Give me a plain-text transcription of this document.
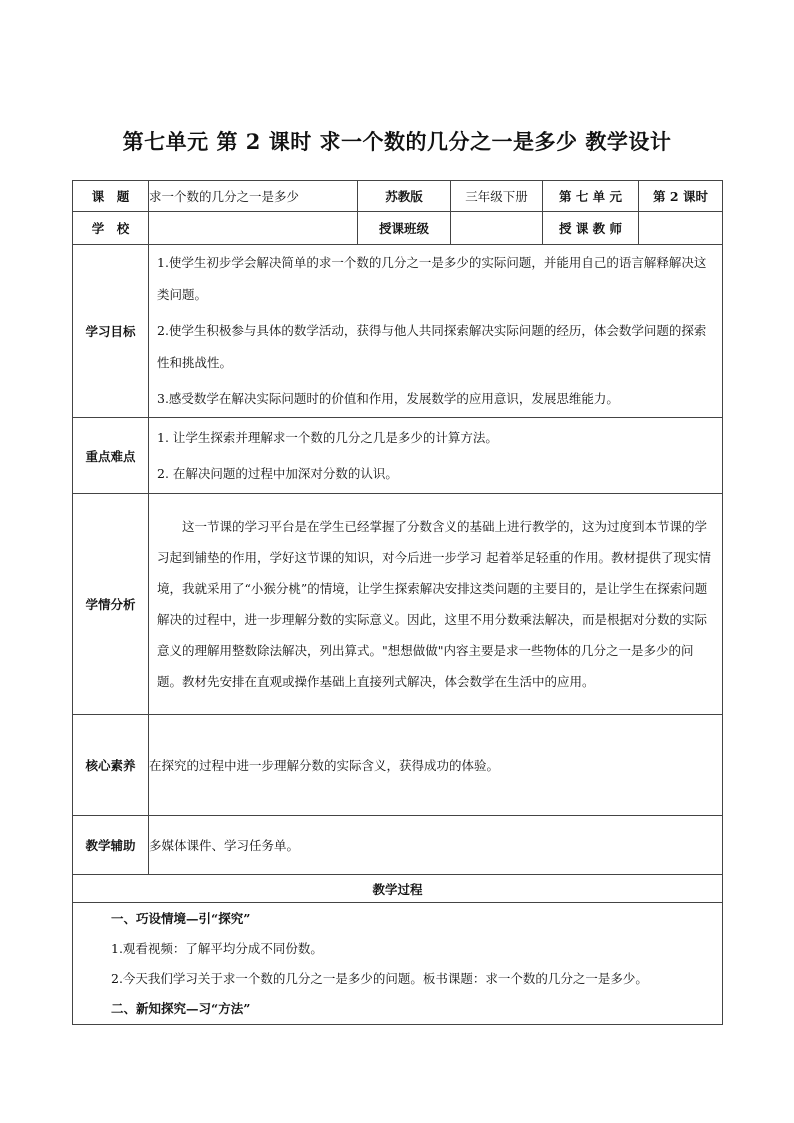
第七单元 第 2 课时 求一个数的几分之一是多少 教学设计
课　题	求一个数的几分之一是多少	苏教版	三年级下册	第 七 单 元	第 2 课时
学　校		授课班级		授 课 教 师	
学习目标	1.使学生初步学会解决简单的求一个数的几分之一是多少的实际问题，并能用自己的语言解释解决这类问题。
2.使学生积极参与具体的数学活动，获得与他人共同探索解决实际问题的经历，体会数学问题的探索性和挑战性。
3.感受数学在解决实际问题时的价值和作用，发展数学的应用意识，发展思维能力。				

重点难点	1. 让学生探索并理解求一个数的几分之几是多少的计算方法。
2. 在解决问题的过程中加深对分数的认识。				

学情分析	这一节课的学习平台是在学生已经掌握了分数含义的基础上进行教学的，这为过度到本节课的学习起到铺垫的作用，学好这节课的知识，对今后进一步学习 起着举足轻重的作用。教材提供了现实情境，我就采用了“小猴分桃”的情境，让学生探索解决安排这类问题的主要目的，是让学生在探索问题解决的过程中，进一步理解分数的实际意义。因此，这里不用分数乘法解决，而是根据对分数的实际意义的理解用整数除法解决，列出算式。"想想做做"内容主要是求一些物体的几分之一是多少的问题。教材先安排在直观或操作基础上直接列式解决，体会数学在生活中的应用。				

核心素养	在探究的过程中进一步理解分数的实际含义，获得成功的体验。				
教学辅助	多媒体课件、学习任务单。				
教学过程					

一、巧设情境—引“探究”
1.观看视频：了解平均分成不同份数。
2.今天我们学习关于求一个数的几分之一是多少的问题。板书课题：求一个数的几分之一是多少。
二、新知探究—习“方法”					
